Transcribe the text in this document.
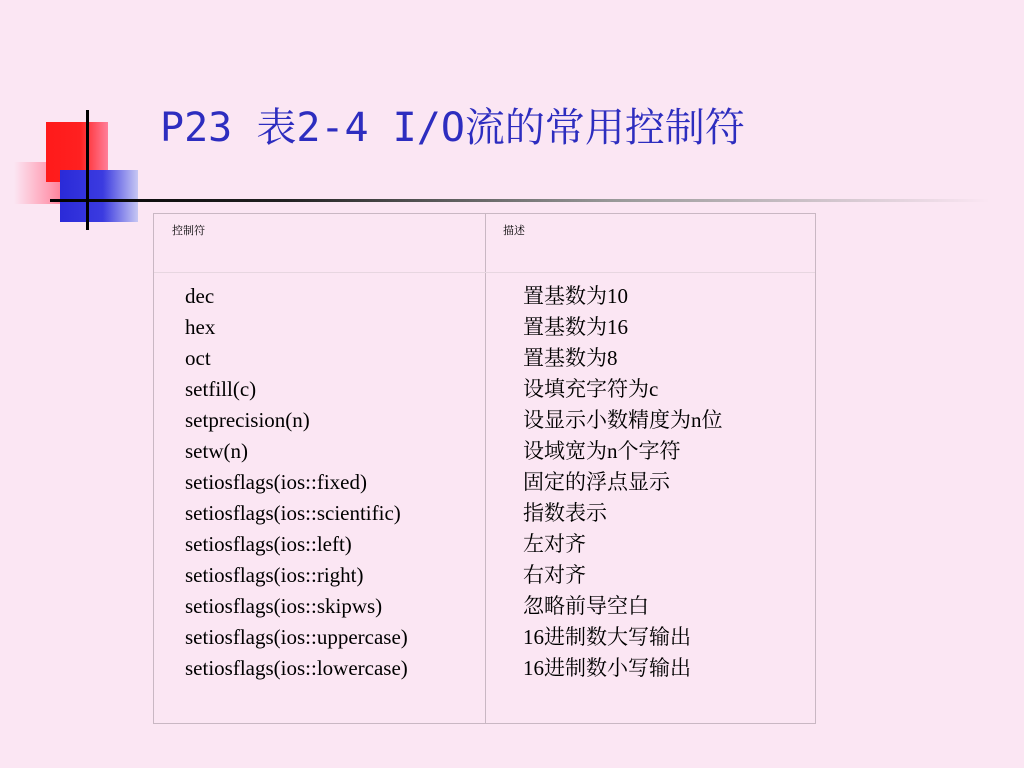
P23 表2-4 I/O流的常用控制符
控制符	描述
dec
hex
oct
setfill(c)
setprecision(n)
setw(n)
setiosflags(ios::fixed)
setiosflags(ios::scientific)
setiosflags(ios::left)
setiosflags(ios::right)
setiosflags(ios::skipws)
setiosflags(ios::uppercase)
setiosflags(ios::lowercase)
置基数为10
置基数为16
置基数为8
设填充字符为c
设显示小数精度为n位
设域宽为n个字符
固定的浮点显示
指数表示
左对齐
右对齐
忽略前导空白
16进制数大写输出
16进制数小写输出
